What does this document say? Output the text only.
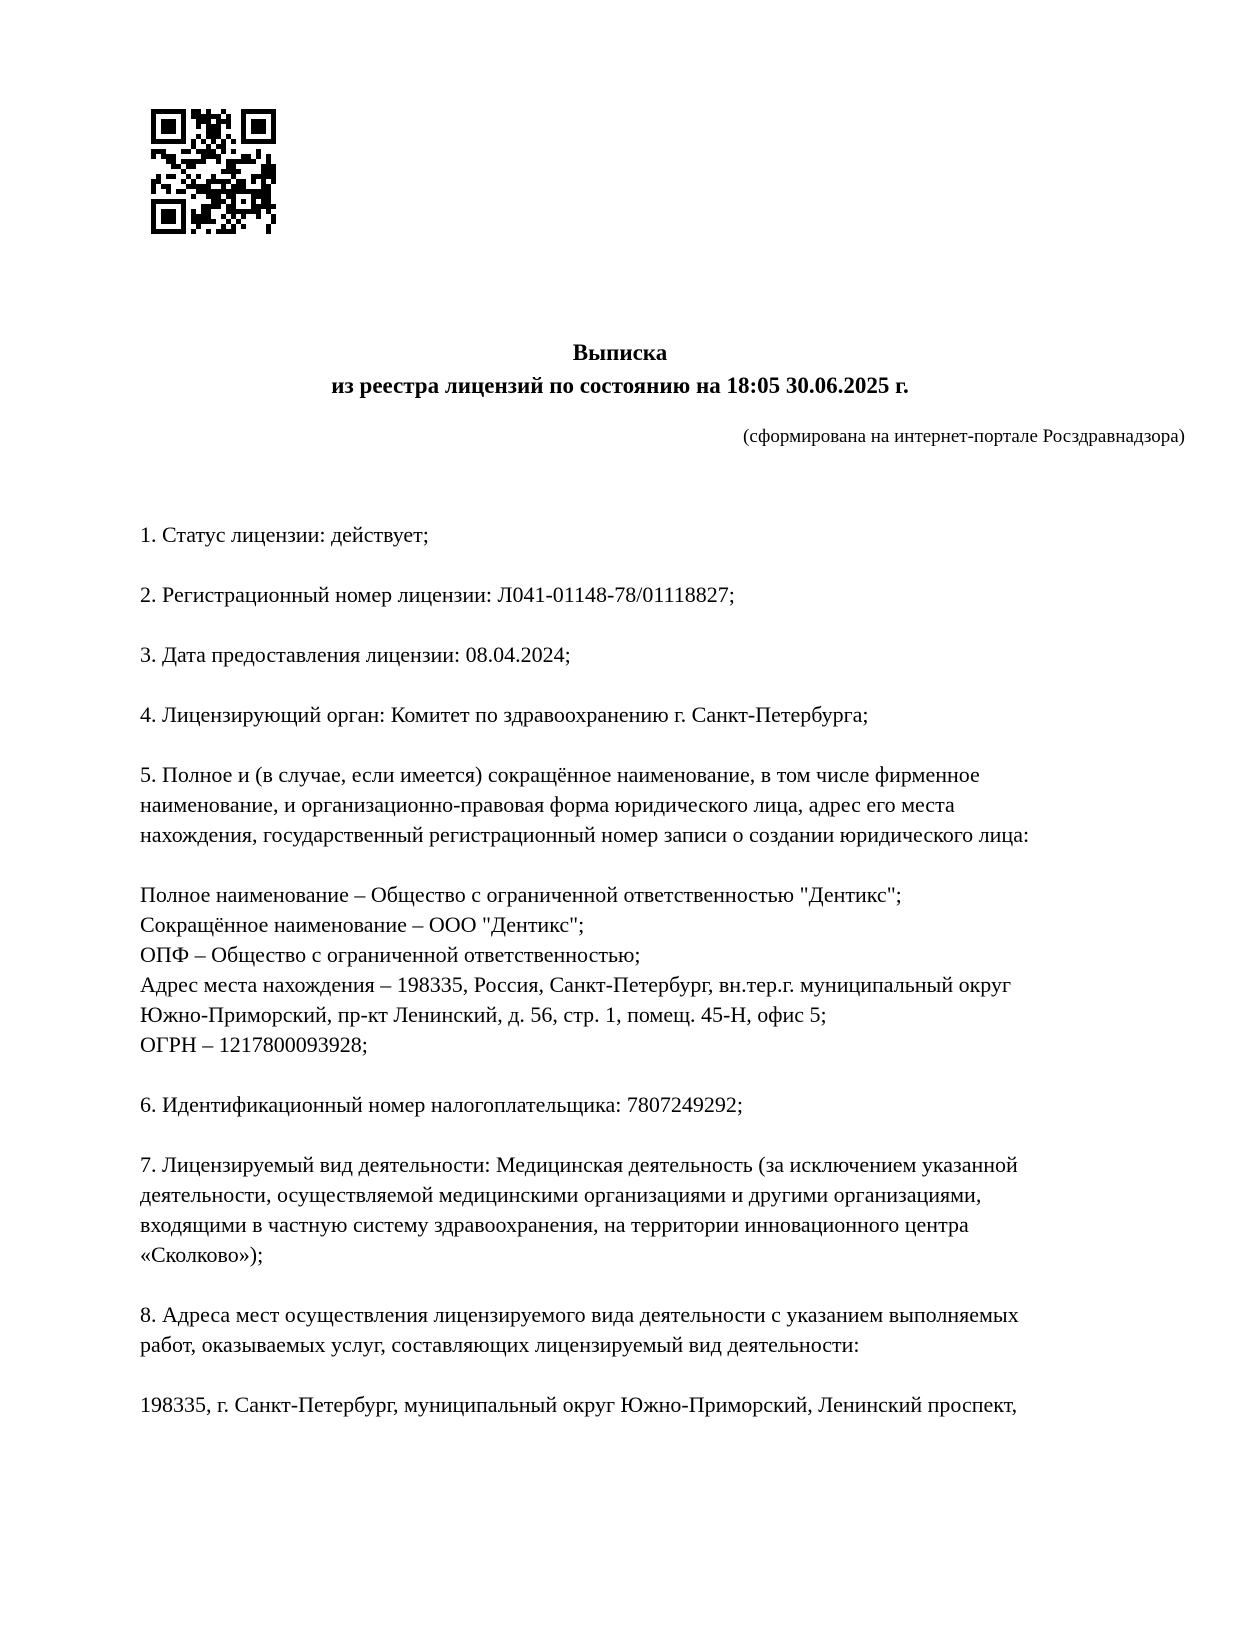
Выписка
из реестра лицензий по состоянию на 18:05 30.06.2025 г.
(сформирована на интернет-портале Росздравнадзора)
1. Статус лицензии: действует;
2. Регистрационный номер лицензии: Л041-01148-78/01118827;
3. Дата предоставления лицензии: 08.04.2024;
4. Лицензирующий орган: Комитет по здравоохранению г. Санкт-Петербурга;
5. Полное и (в случае, если имеется) сокращённое наименование, в том числе фирменное
наименование, и организационно-правовая форма юридического лица, адрес его места
нахождения, государственный регистрационный номер записи о создании юридического лица:
Полное наименование – Общество с ограниченной ответственностью "Дентикс";
Сокращённое наименование – ООО "Дентикс";
ОПФ – Общество с ограниченной ответственностью;
Адрес места нахождения – 198335, Россия, Санкт-Петербург, вн.тер.г. муниципальный округ
Южно-Приморский, пр-кт Ленинский, д. 56, стр. 1, помещ. 45-Н, офис 5;
ОГРН – 1217800093928;
6. Идентификационный номер налогоплательщика: 7807249292;
7. Лицензируемый вид деятельности: Медицинская деятельность (за исключением указанной
деятельности, осуществляемой медицинскими организациями и другими организациями,
входящими в частную систему здравоохранения, на территории инновационного центра
«Сколково»);
8. Адреса мест осуществления лицензируемого вида деятельности с указанием выполняемых
работ, оказываемых услуг, составляющих лицензируемый вид деятельности:
198335, г. Санкт-Петербург, муниципальный округ Южно-Приморский, Ленинский проспект,
